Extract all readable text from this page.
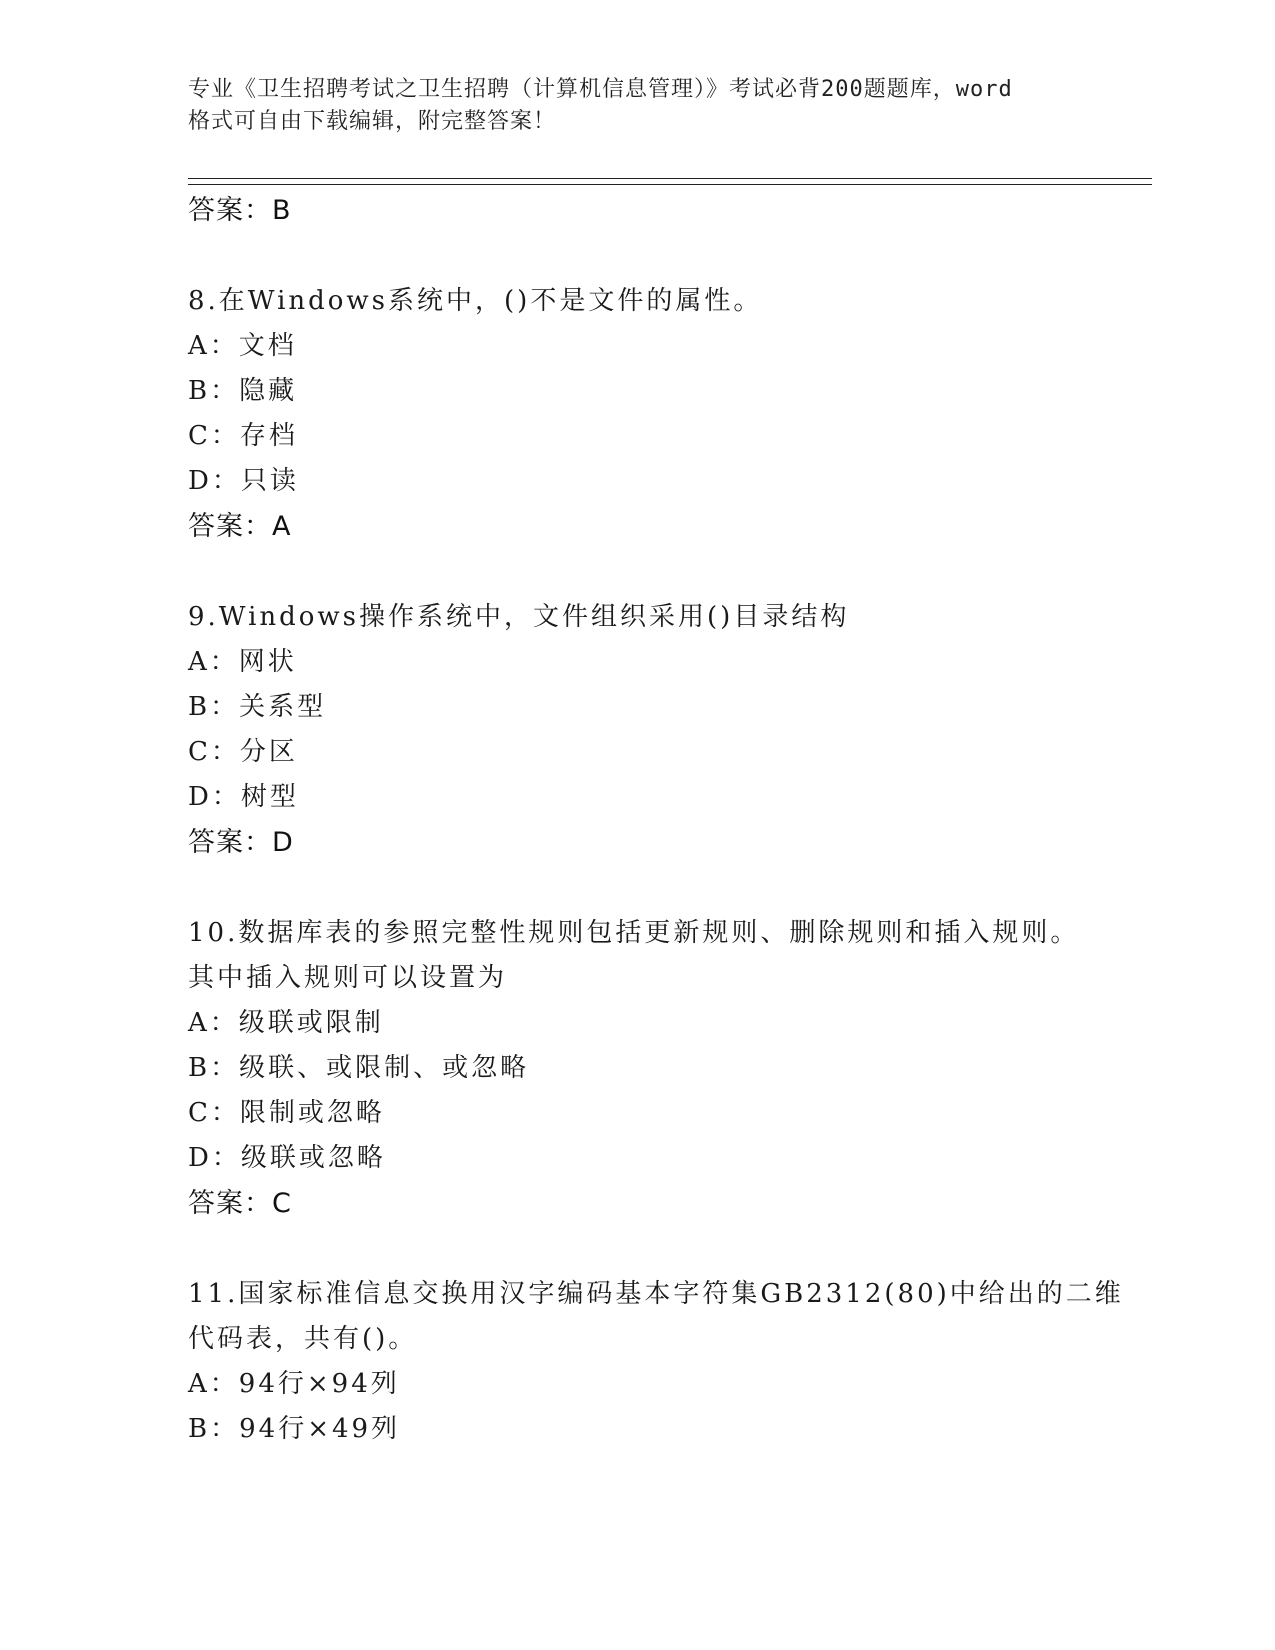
专业《卫生招聘考试之卫生招聘（计算机信息管理）》考试必背200题题库，word
格式可自由下载编辑，附完整答案！
答案：B
8.在Windows系统中，()不是文件的属性。
A：文档
B：隐藏
C：存档
D：只读
答案：A
9.Windows操作系统中，文件组织采用()目录结构
A：网状
B：关系型
C：分区
D：树型
答案：D
10.数据库表的参照完整性规则包括更新规则、删除规则和插入规则。
其中插入规则可以设置为
A：级联或限制
B：级联、或限制、或忽略
C：限制或忽略
D：级联或忽略
答案：C
11.国家标准信息交换用汉字编码基本字符集GB2312(80)中给出的二维
代码表，共有()。
A：94行×94列
B：94行×49列
